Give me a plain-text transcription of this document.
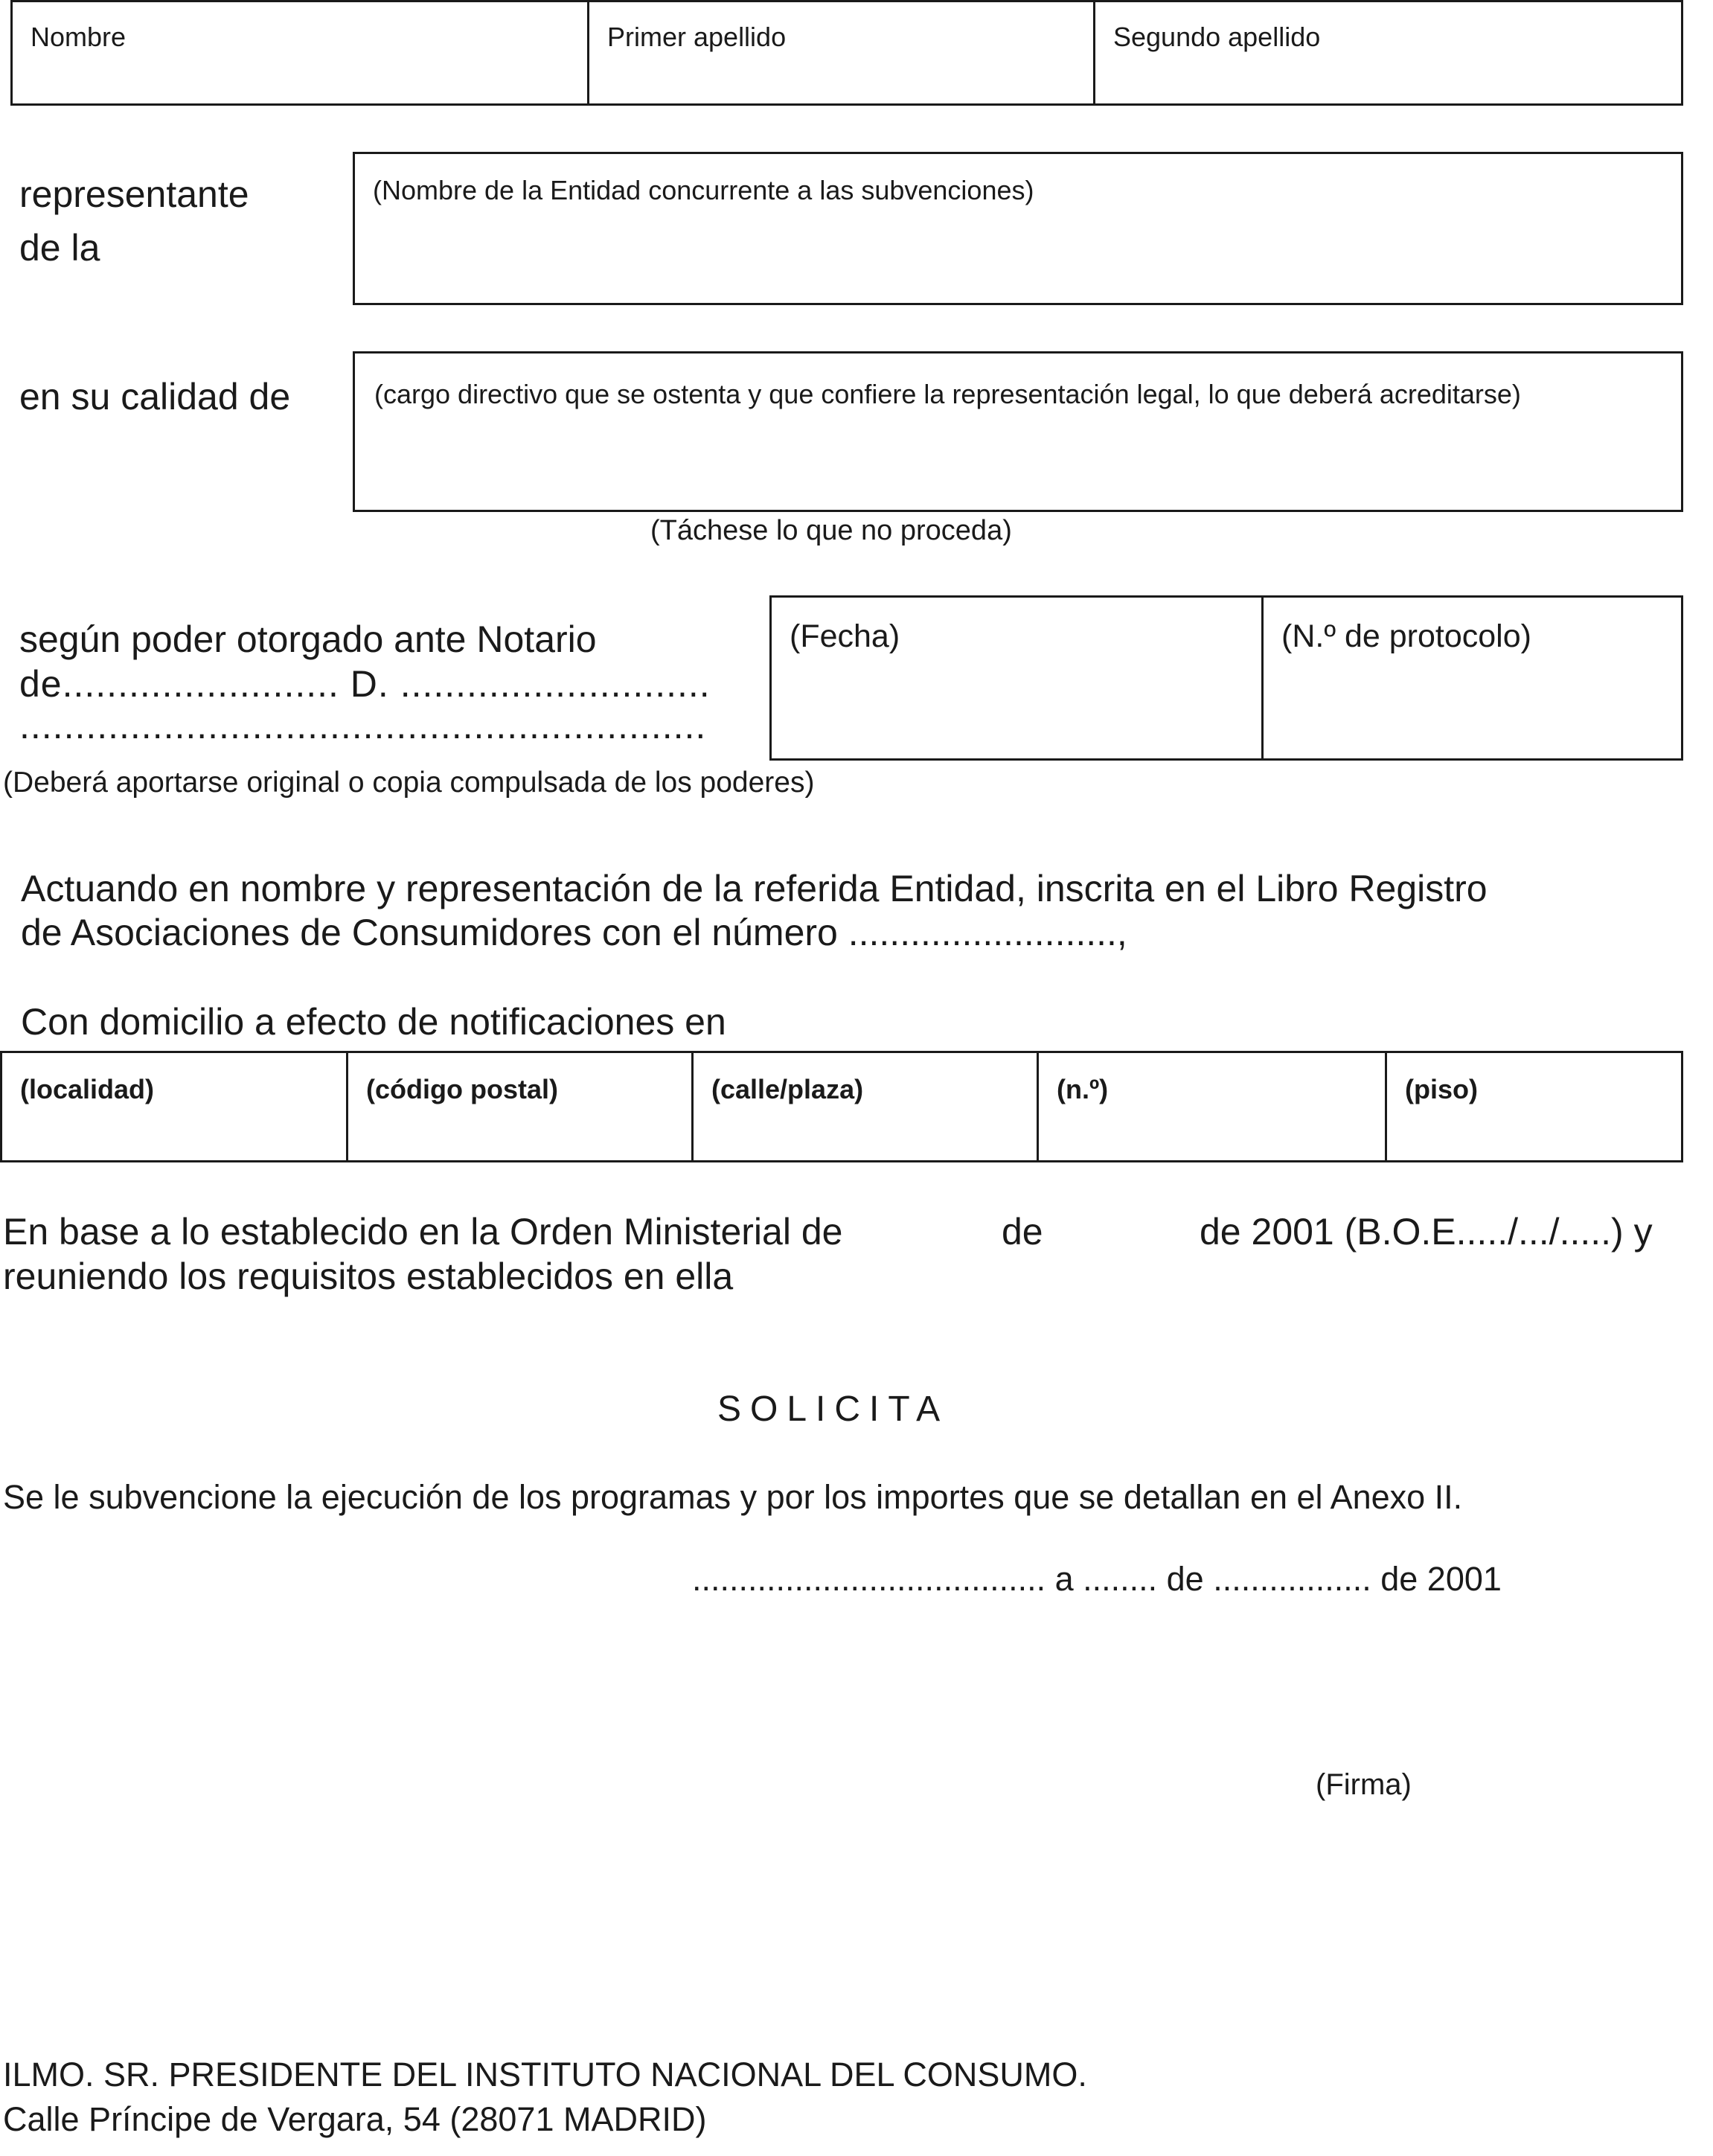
Nombre	Primer apellido	Segundo apellido
representante
de la
(Nombre de la Entidad concurrente a las subvenciones)
en su calidad de	(cargo directivo que se ostenta y que confiere la representación legal, lo que deberá acreditarse)
(Táchese lo que no proceda)
según poder otorgado ante Notario
de......................... D. ............................
..............................................................
(Fecha)	(N.º de protocolo)
(Deberá aportarse original o copia compulsada de los poderes)
Actuando en nombre y representación de la referida Entidad, inscrita en el Libro Registro
de Asociaciones de Consumidores con el número ..........................,
Con domicilio a efecto de notificaciones en
(localidad)	(código postal)	(calle/plaza)	(n.º)	(piso)
En base a lo establecido en la Orden Ministerial de	de	de 2001 (B.O.E...../.../.....) y
reuniendo los requisitos establecidos en ella
SOLICITA
Se le subvencione la ejecución de los programas y por los importes que se detallan en el Anexo II.
...................................... a ........ de ................. de 2001
(Firma)
ILMO. SR. PRESIDENTE DEL INSTITUTO NACIONAL DEL CONSUMO.
Calle Príncipe de Vergara, 54 (28071 MADRID)
